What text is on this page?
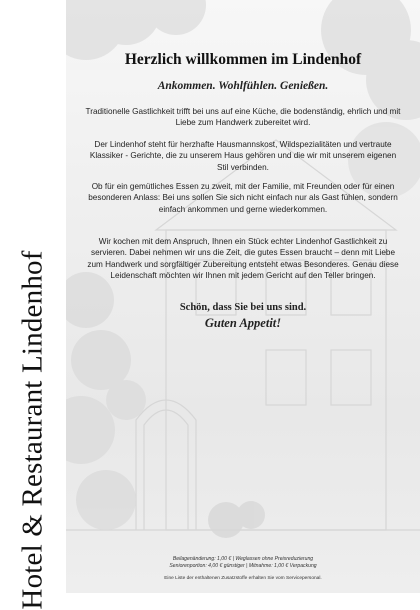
Hotel & Restaurant Lindenhof
Herzlich willkommen im Lindenhof
Ankommen. Wohlfühlen. Genießen.

Traditionelle Gastlichkeit trifft bei uns auf eine Küche, die bodenständig, ehrlich und mit Liebe zum Handwerk zubereitet wird.

Der Lindenhof steht für herzhafte Hausmannskost, Wildspezialitäten und vertraute Klassiker - Gerichte, die zu unserem Haus gehören und die wir mit unserem eigenen Stil verbinden.

Ob für ein gemütliches Essen zu zweit, mit der Familie, mit Freunden oder für einen besonderen Anlass: Bei uns sollen Sie sich nicht einfach nur als Gast fühlen, sondern einfach ankommen und gerne wiederkommen.

Wir kochen mit dem Anspruch, Ihnen ein Stück echter Lindenhof Gastlichkeit zu servieren. Dabei nehmen wir uns die Zeit, die gutes Essen braucht – denn mit Liebe zum Handwerk und sorgfältiger Zubereitung entsteht etwas Besonderes. Genau diese Leidenschaft möchten wir Ihnen mit jedem Gericht auf den Teller bringen.

Schön, dass Sie bei uns sind.
Guten Appetit!
Beilagenänderung: 1,00 € | Weglassen ohne Preisreduzierung
Seniorenportion: 4,00 € günstiger | Mitnahme: 1,00 € Verpackung
Eine Liste der enthaltenen Zusatzstoffe erhalten Sie vom Servicepersonal.
